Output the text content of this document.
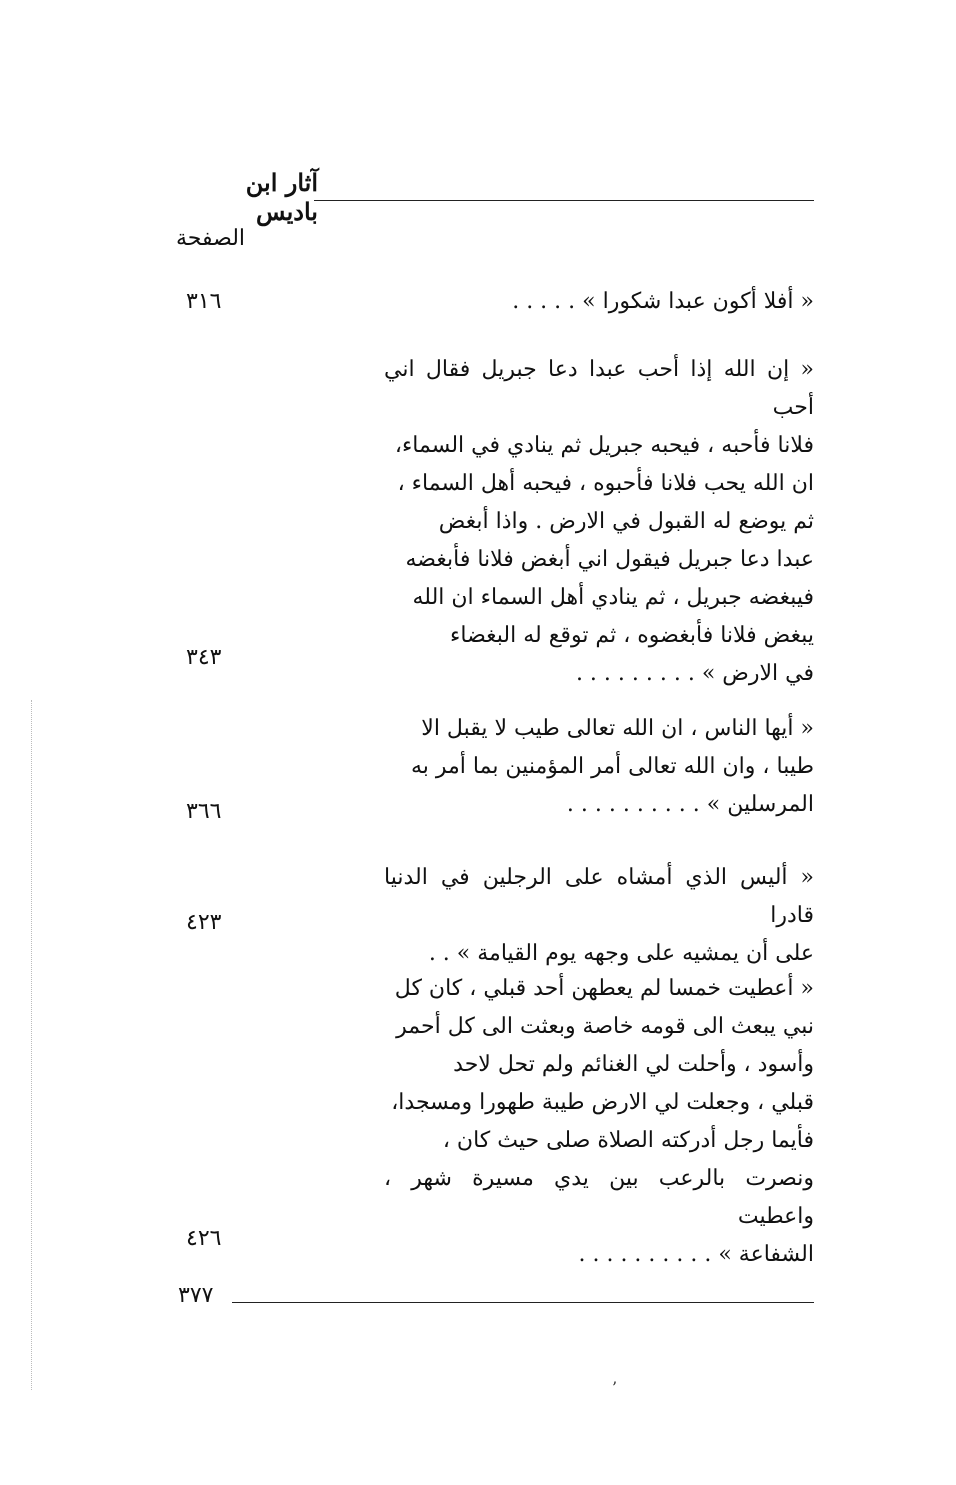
آثار ابن باديس
الصفحة

« أفلا أكون عبدا شكورا » . . . . .

٣١٦

« إن الله إذا أحب عبدا دعا جبريل فقال اني أحب

فلانا فأحبه ، فيحبه جبريل ثم ينادي في السماء،

ان الله يحب فلانا فأحبوه ، فيحبه أهل السماء ،

ثم يوضع له القبول في الارض . واذا أبغض

عبدا دعا جبريل فيقول اني أبغض فلانا فأبغضه

فيبغضه جبريل ، ثم ينادي أهل السماء ان الله

يبغض فلانا فأبغضوه ، ثم توقع له البغضاء

في الارض » . . . . . . . . .

٣٤٣

« أيها الناس ، ان الله تعالى طيب لا يقبل الا

طيبا ، وان الله تعالى أمر المؤمنين بما أمر به

المرسلين » . . . . . . . . . .

٣٦٦

« أليس الذي أمشاه على الرجلين في الدنيا قادرا

على أن يمشيه على وجهه يوم القيامة » . .

٤٢٣

« أعطيت خمسا لم يعطهن أحد قبلي ، كان كل

نبي يبعث الى قومه خاصة وبعثت الى كل أحمر

وأسود ، وأحلت لي الغنائم ولم تحل لاحد

قبلي ، وجعلت لي الارض طيبة طهورا ومسجدا،

فأيما رجل أدركته الصلاة صلى حيث كان ،

ونصرت بالرعب بين يدي مسيرة شهر ، واعطيت

الشفاعة » . . . . . . . . . .

٤٢٦
٣٧٧
’
